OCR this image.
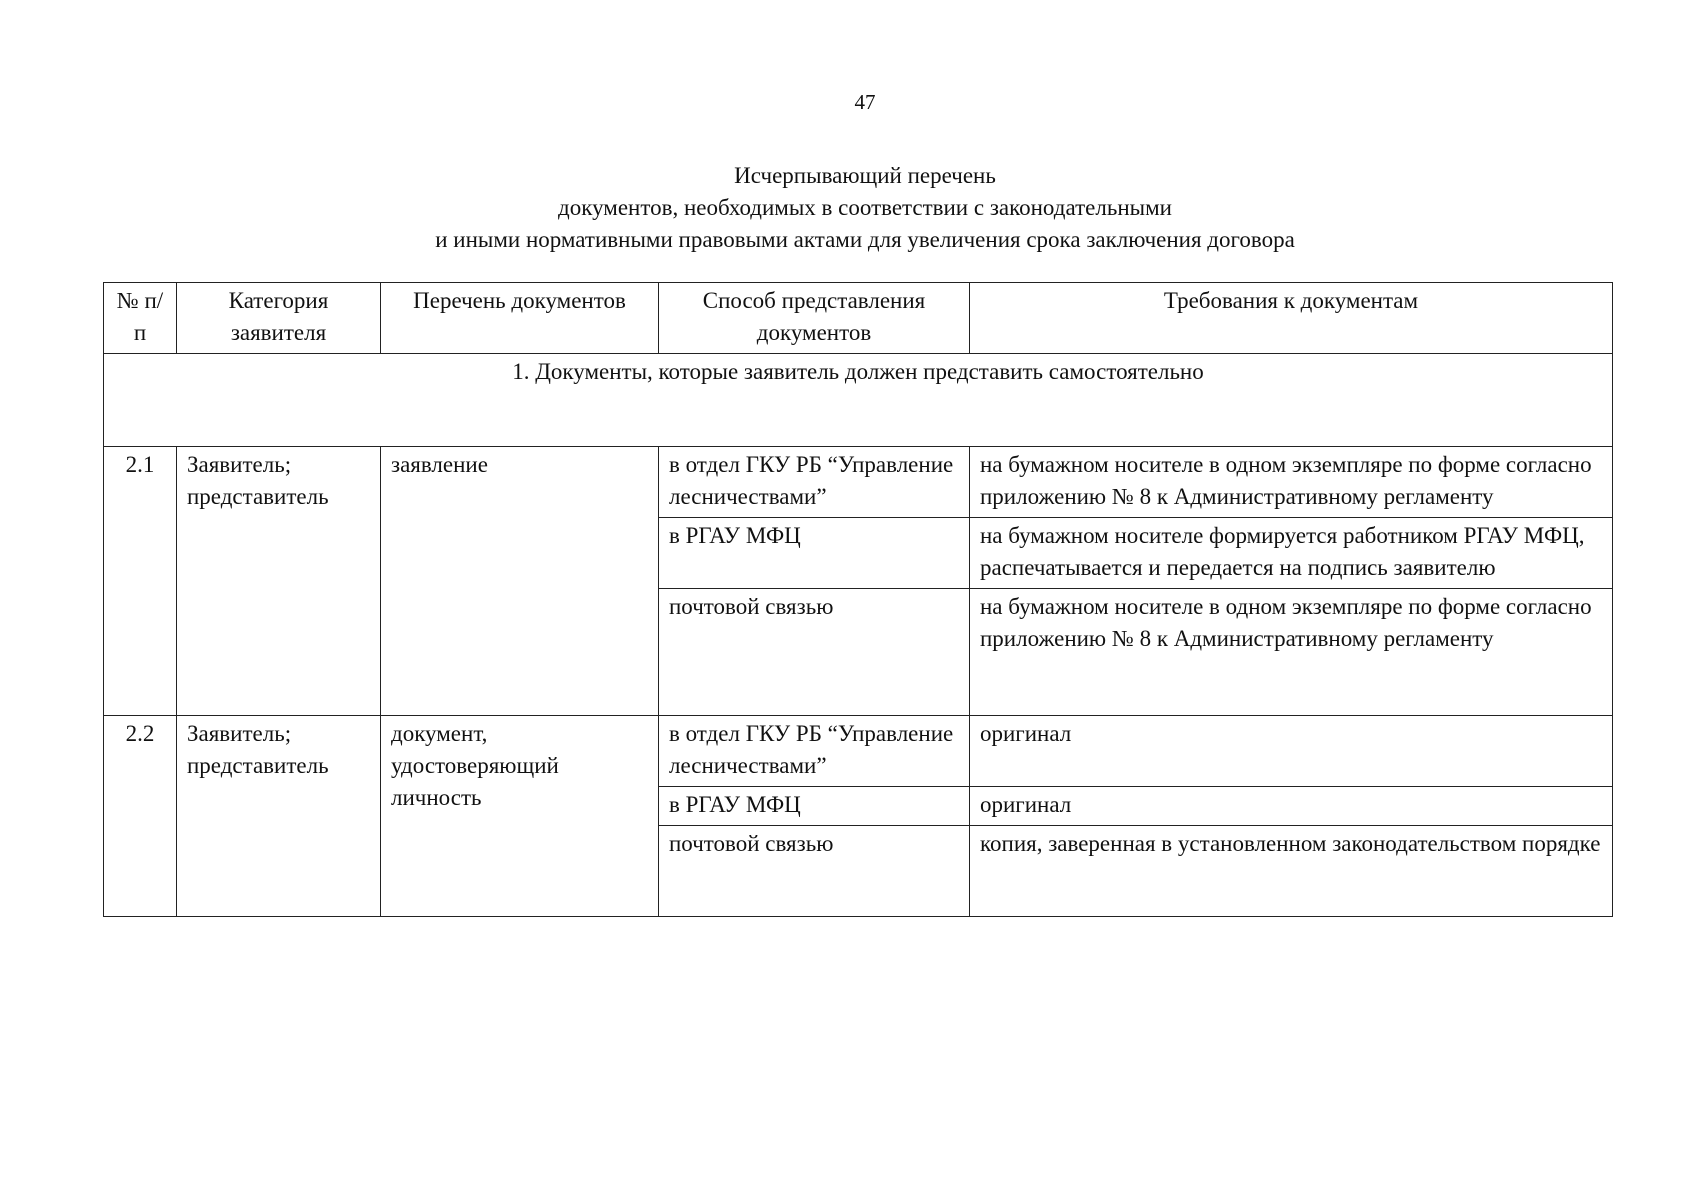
47
Исчерпывающий перечень
документов, необходимых в соответствии с законодательными
и иными нормативными правовыми актами для увеличения срока заключения договора
№ п/п	Категория заявителя	Перечень документов	Способ представления документов	Требования к документам
1. Документы, которые заявитель должен представить самостоятельно				
2.1	Заявитель; представитель	заявление	в отдел ГКУ РБ “Управление лесничествами”	на бумажном носителе в одном экземпляре по форме согласно приложению № 8 к Административному регламенту
			в РГАУ МФЦ	на бумажном носителе формируется работником РГАУ МФЦ, распечатывается и передается на подпись заявителю
			почтовой связью	на бумажном носителе в одном экземпляре по форме согласно приложению № 8 к Административному регламенту
2.2	Заявитель; представитель	документ, удостоверяющий личность	в отдел ГКУ РБ “Управление лесничествами”	оригинал
			в РГАУ МФЦ	оригинал
			почтовой связью	копия, заверенная в установленном законодательством порядке
